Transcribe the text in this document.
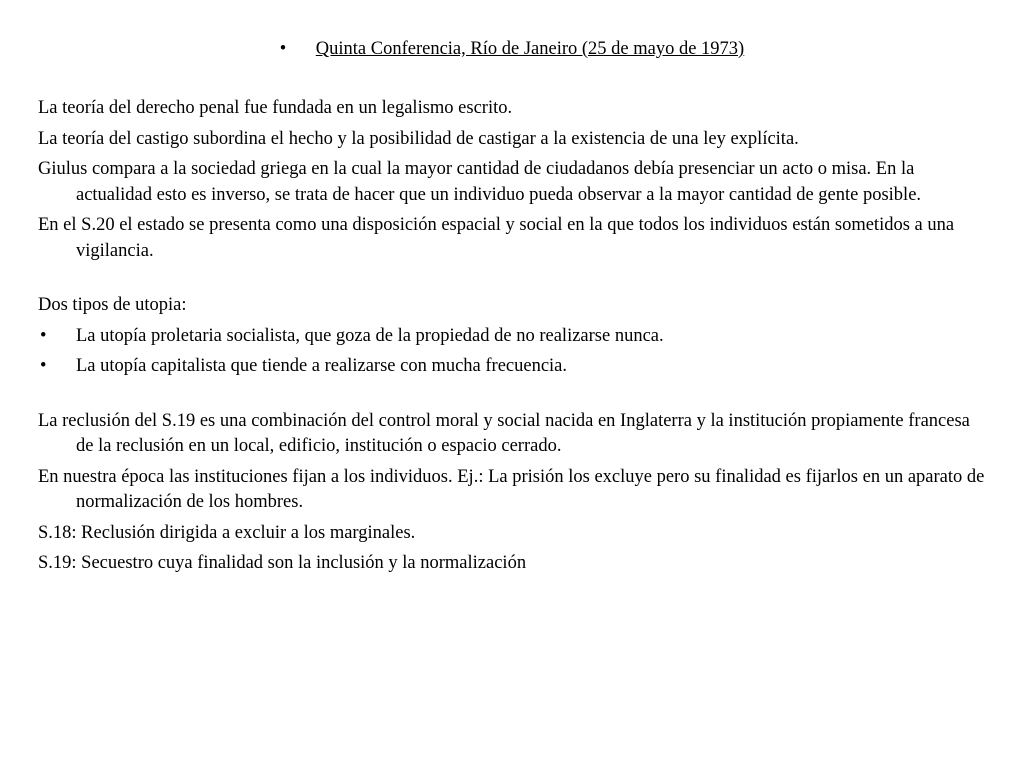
• Quinta Conferencia, Río de Janeiro (25 de mayo de 1973)

La teoría del derecho penal fue fundada en un legalismo escrito.

La teoría del castigo subordina el hecho y la posibilidad de castigar a la existencia de una ley explícita.

Giulus compara a la sociedad griega en la cual la mayor cantidad de ciudadanos debía presenciar un acto o misa. En la actualidad esto es inverso, se trata de hacer que un individuo pueda observar a la mayor cantidad de gente posible.

En el S.20 el estado se presenta como una disposición espacial y social en la que todos los individuos están sometidos a una vigilancia.

Dos tipos de utopia:

• La utopía proletaria socialista, que goza de la propiedad de no realizarse nunca.
• La utopía capitalista que tiende a realizarse con mucha frecuencia.

La reclusión del S.19 es una combinación del control moral y social nacida en Inglaterra y la institución propiamente francesa de la reclusión en un local, edificio, institución o espacio cerrado.

En nuestra época las instituciones fijan a los individuos. Ej.: La prisión los excluye pero su finalidad es fijarlos en un aparato de normalización de los hombres.

S.18: Reclusión dirigida a excluir a los marginales.

S.19: Secuestro cuya finalidad son la inclusión y la normalización
